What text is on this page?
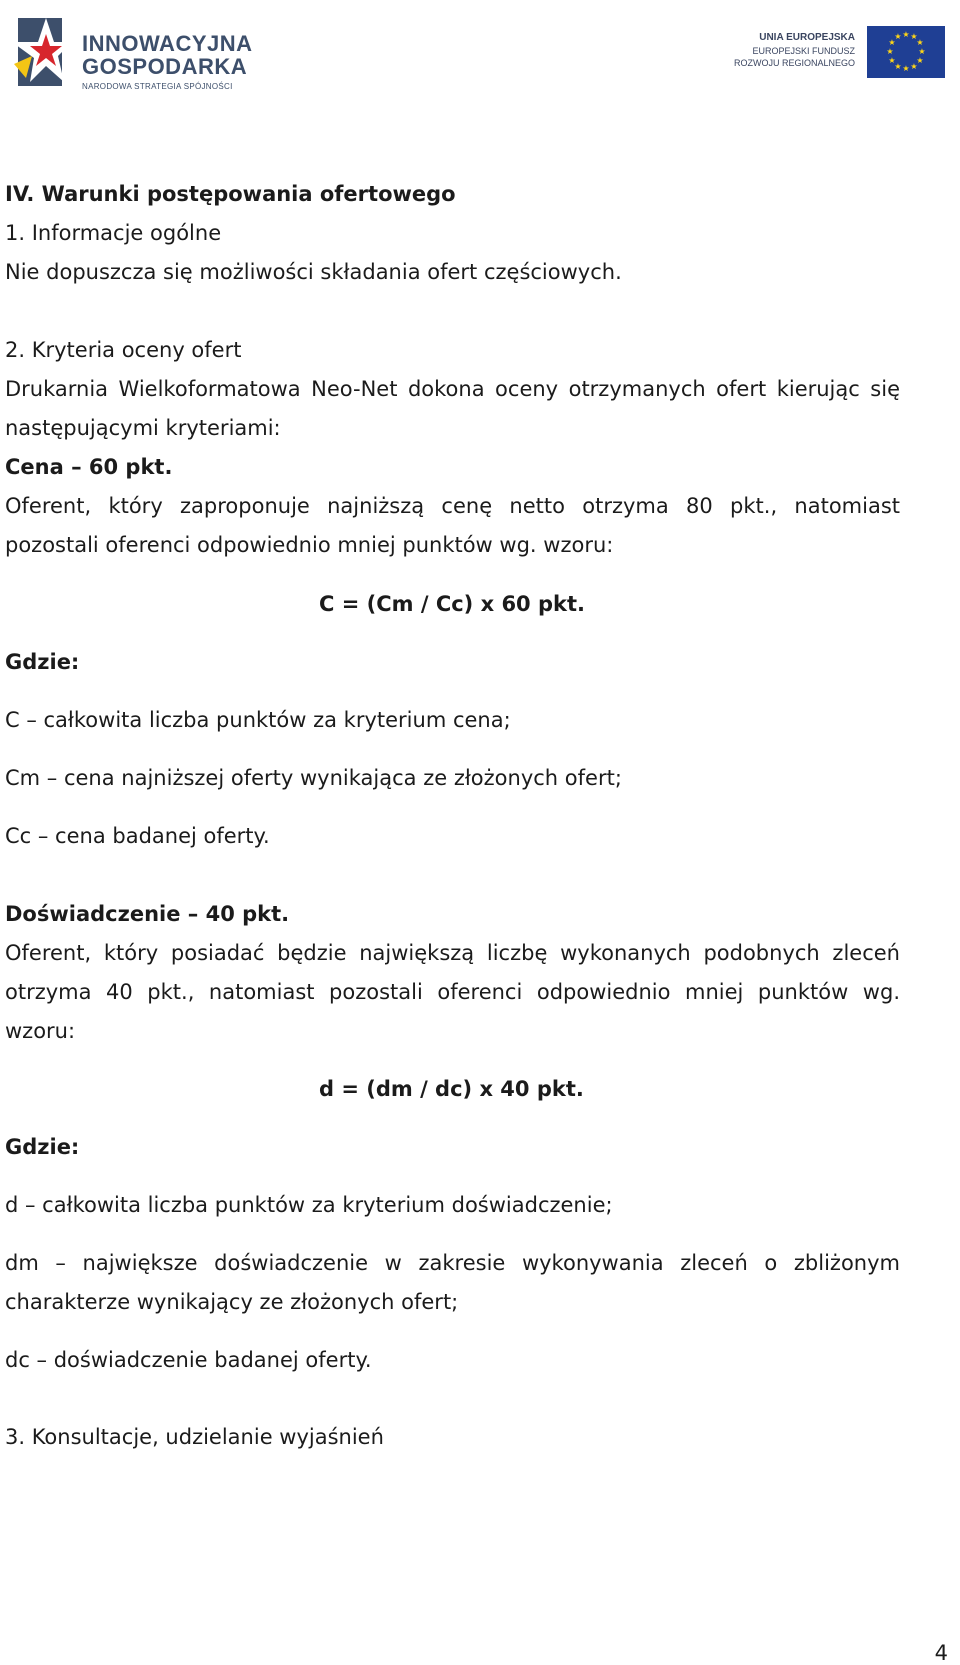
INNOWACYJNA
GOSPODARKA
NARODOWA STRATEGIA SPÓJNOŚCI
UNIA EUROPEJSKA
EUROPEJSKI FUNDUSZ
ROZWOJU REGIONALNEGO
★ ★
★
★
★
★
★
★
★
★
★
★
IV. Warunki postępowania ofertowego
1. Informacje ogólne
Nie dopuszcza się możliwości składania ofert częściowych.
2. Kryteria oceny ofert
Drukarnia Wielkoformatowa Neo-Net dokona oceny otrzymanych ofert kierując się
następującymi kryteriami:
Cena – 60 pkt.
Oferent, który zaproponuje najniższą cenę netto otrzyma 80 pkt., natomiast
pozostali oferenci odpowiednio mniej punktów wg. wzoru:
C = (Cm / Cc) x 60 pkt.
Gdzie:
C – całkowita liczba punktów za kryterium cena;
Cm – cena najniższej oferty wynikająca ze złożonych ofert;
Cc – cena badanej oferty.
Doświadczenie – 40 pkt.
Oferent, który posiadać będzie największą liczbę wykonanych podobnych zleceń
otrzyma 40 pkt., natomiast pozostali oferenci odpowiednio mniej punktów wg.
wzoru:
d = (dm / dc) x 40 pkt.
Gdzie:
d – całkowita liczba punktów za kryterium doświadczenie;
dm – największe doświadczenie w zakresie wykonywania zleceń o zbliżonym
charakterze wynikający ze złożonych ofert;
dc – doświadczenie badanej oferty.
3. Konsultacje, udzielanie wyjaśnień
4
